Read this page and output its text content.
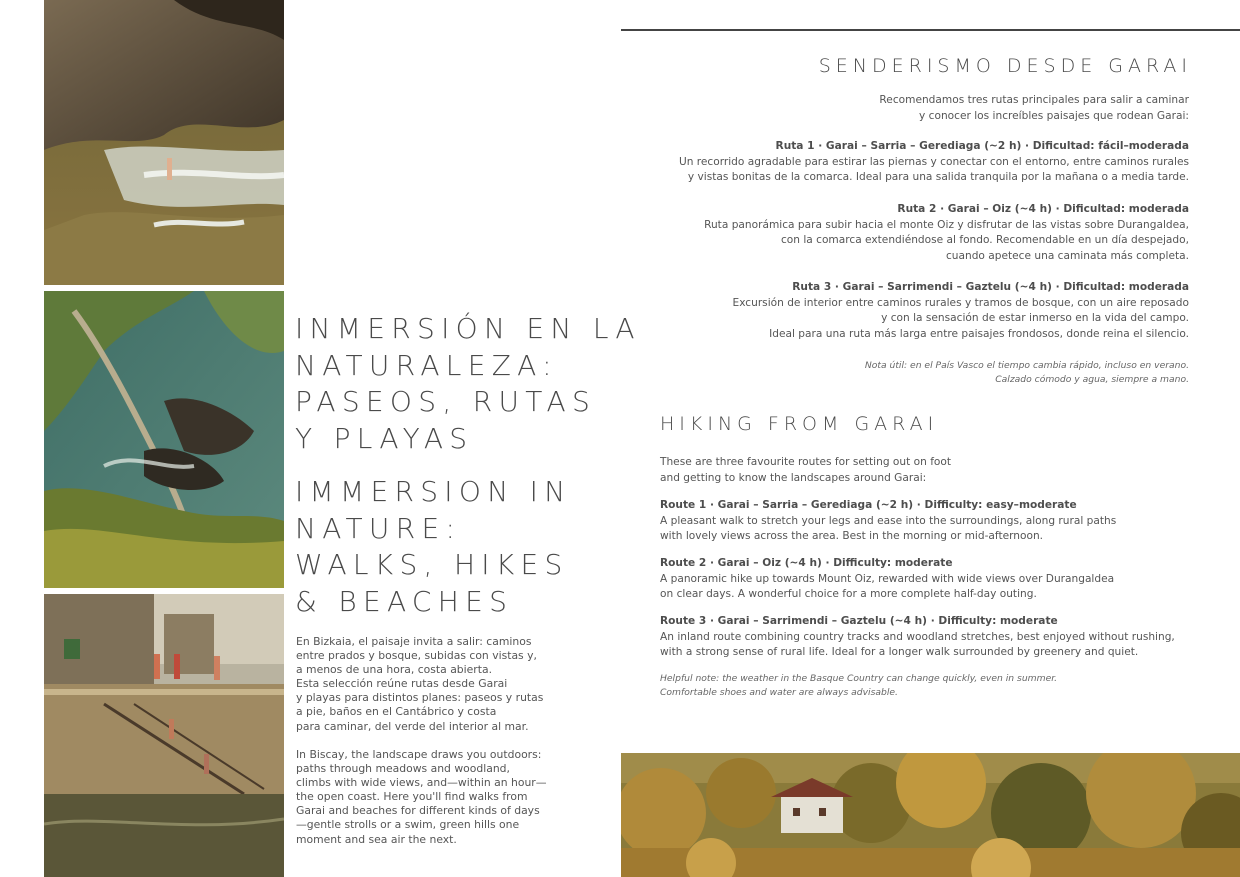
INMERSIÓN EN LA
NATURALEZA:
PASEOS, RUTAS
Y PLAYAS
IMMERSION IN
NATURE:
WALKS, HIKES
& BEACHES
En Bizkaia, el paisaje invita a salir: caminos
entre prados y bosque, subidas con vistas y,
a menos de una hora, costa abierta.
Esta selección reúne rutas desde Garai
y playas para distintos planes: paseos y rutas
a pie, baños en el Cantábrico y costa
para caminar, del verde del interior al mar.
In Biscay, the landscape draws you outdoors:
paths through meadows and woodland,
climbs with wide views, and—within an hour—
the open coast. Here you'll find walks from
Garai and beaches for different kinds of days
—gentle strolls or a swim, green hills one
moment and sea air the next.
SENDERISMO DESDE GARAI
Recomendamos tres rutas principales para salir a caminar
y conocer los increíbles paisajes que rodean Garai:
Ruta 1 · Garai – Sarria – Gerediaga (~2 h) · Dificultad: fácil–moderada
Un recorrido agradable para estirar las piernas y conectar con el entorno, entre caminos rurales
y vistas bonitas de la comarca. Ideal para una salida tranquila por la mañana o a media tarde.
Ruta 2 · Garai – Oiz (~4 h) · Dificultad: moderada
Ruta panorámica para subir hacia el monte Oiz y disfrutar de las vistas sobre Durangaldea,
con la comarca extendiéndose al fondo. Recomendable en un día despejado,
cuando apetece una caminata más completa.
Ruta 3 · Garai – Sarrimendi – Gaztelu (~4 h) · Dificultad: moderada
Excursión de interior entre caminos rurales y tramos de bosque, con un aire reposado
y con la sensación de estar inmerso en la vida del campo.
Ideal para una ruta más larga entre paisajes frondosos, donde reina el silencio.
Nota útil: en el País Vasco el tiempo cambia rápido, incluso en verano.
Calzado cómodo y agua, siempre a mano.
HIKING FROM GARAI
These are three favourite routes for setting out on foot
and getting to know the landscapes around Garai:
Route 1 · Garai – Sarria – Geredіaga (~2 h) · Difficulty: easy–moderate
A pleasant walk to stretch your legs and ease into the surroundings, along rural paths
with lovely views across the area. Best in the morning or mid-afternoon.
Route 2 · Garai – Oiz (~4 h) · Difficulty: moderate
A panoramic hike up towards Mount Oiz, rewarded with wide views over Durangaldea
on clear days. A wonderful choice for a more complete half-day outing.
Route 3 · Garai – Sarrimendi – Gaztelu (~4 h) · Difficulty: moderate
An inland route combining country tracks and woodland stretches, best enjoyed without rushing,
with a strong sense of rural life. Ideal for a longer walk surrounded by greenery and quiet.
Helpful note: the weather in the Basque Country can change quickly, even in summer.
Comfortable shoes and water are always advisable.
